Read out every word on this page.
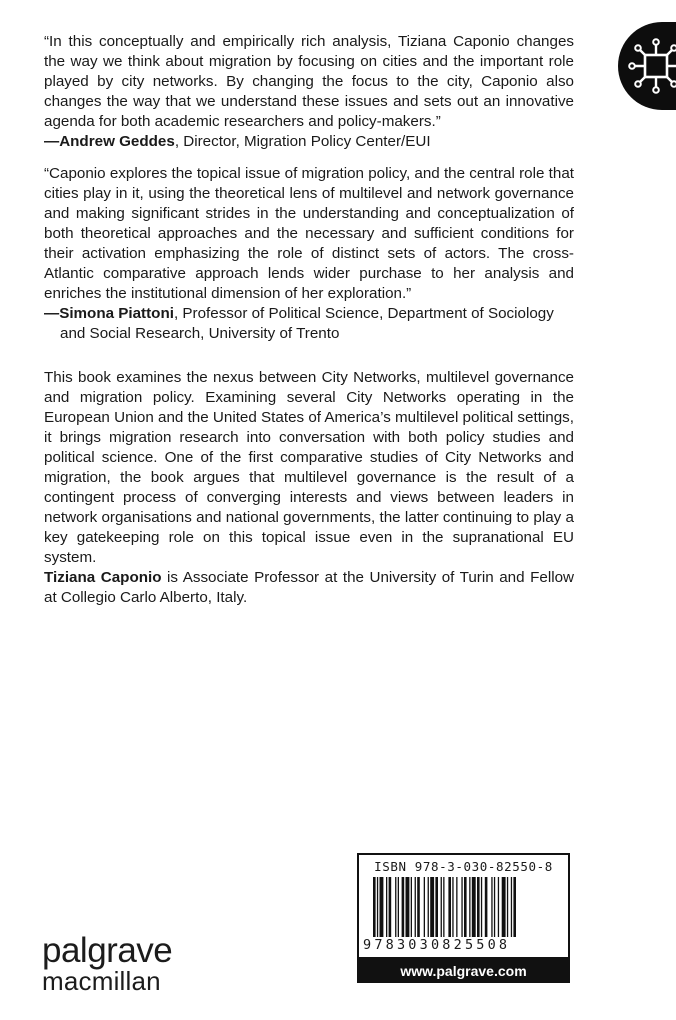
“In this conceptually and empirically rich analysis, Tiziana Caponio changes the way we think about migration by focusing on cities and the important role played by city networks. By changing the focus to the city, Caponio also changes the way that we understand these issues and sets out an innovative agenda for both academic researchers and policy-makers.”

—Andrew Geddes, Director, Migration Policy Center/EUI

“Caponio explores the topical issue of migration policy, and the central role that cities play in it, using the theoretical lens of multilevel and network governance and making significant strides in the understanding and conceptualization of both theoretical approaches and the necessary and sufficient conditions for their activation emphasizing the role of distinct sets of actors. The cross-Atlantic comparative approach lends wider purchase to her analysis and enriches the institutional dimension of her exploration.”

—Simona Piattoni, Professor of Political Science, Department of Sociology and Social Research, University of Trento

This book examines the nexus between City Networks, multilevel governance and migration policy. Examining several City Networks operating in the European Union and the United States of America’s multilevel political settings, it brings migration research into conversation with both policy studies and political science. One of the first comparative studies of City Networks and migration, the book argues that multilevel governance is the result of a contingent process of converging interests and views between leaders in network organisations and national governments, the latter continuing to play a key gatekeeping role on this topical issue even in the supranational EU system.

Tiziana Caponio is Associate Professor at the University of Turin and Fellow at Collegio Carlo Alberto, Italy.

palgrave
macmillan
ISBN 978-3-030-82550-8
9783030825508
www.palgrave.com
